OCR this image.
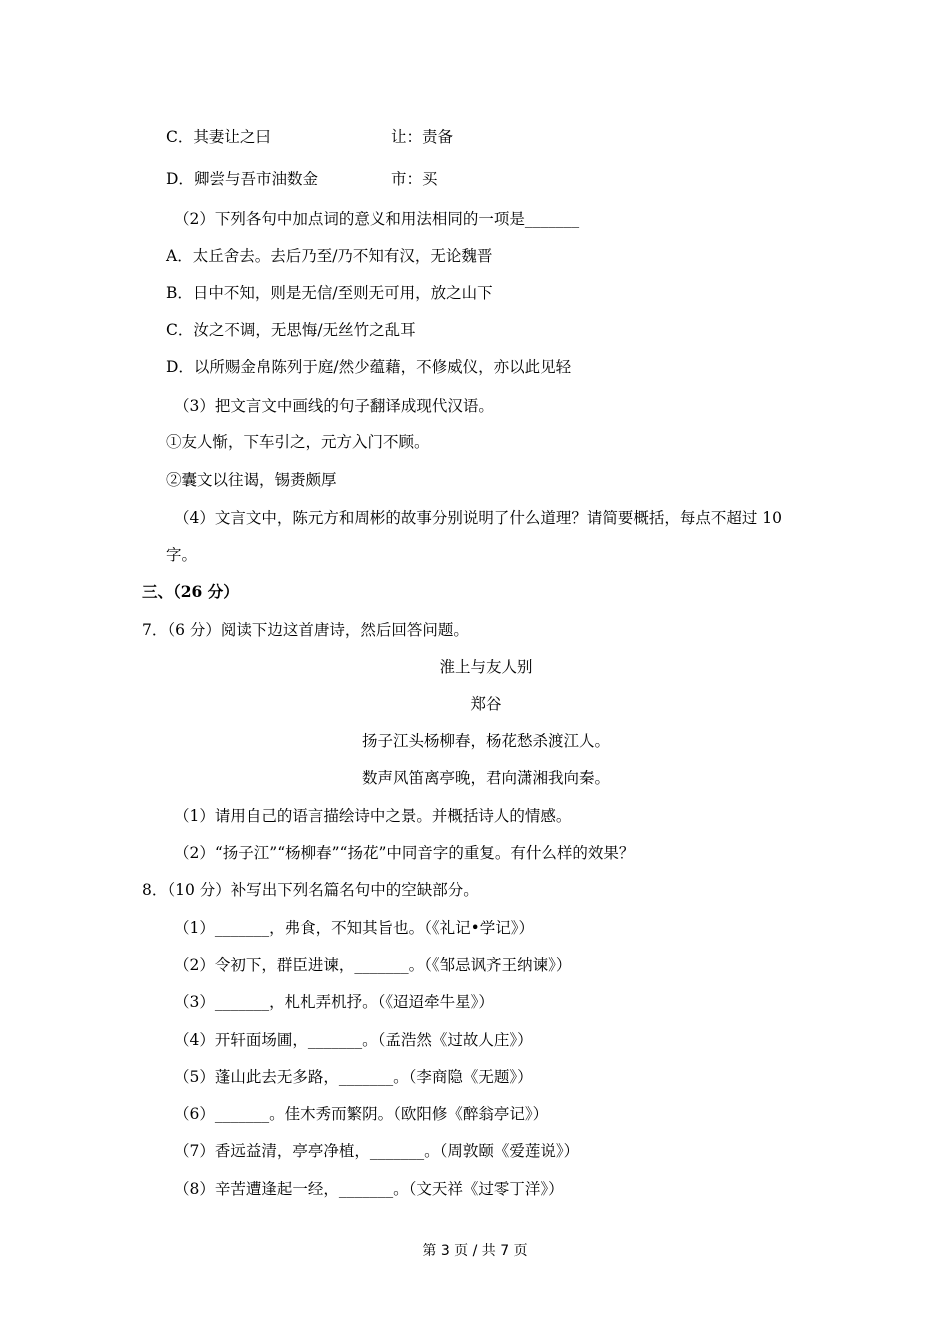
C．其妻让之曰	让：责备
D．卿尝与吾市油数金	市：买
（2）下列各句中加点词的意义和用法相同的一项是_______
A．太丘舍去。去后乃至/乃不知有汉，无论魏晋
B．日中不知，则是无信/至则无可用，放之山下
C．汝之不调，无思悔/无丝竹之乱耳
D．以所赐金帛陈列于庭/然少蕴藉，不修威仪，亦以此见轻
（3）把文言文中画线的句子翻译成现代汉语。
①友人惭，下车引之，元方入门不顾。
②囊文以往谒，锡赉颇厚
（4）文言文中，陈元方和周彬的故事分别说明了什么道理？请简要概括，每点不超过 10
字。
三、（26 分）
7．（6 分）阅读下边这首唐诗，然后回答问题。
淮上与友人别
郑谷
扬子江头杨柳春，杨花愁杀渡江人。
数声风笛离亭晚，君向潇湘我向秦。
（1）请用自己的语言描绘诗中之景。并概括诗人的情感。
（2）“扬子江”“杨柳春”“扬花”中同音字的重复。有什么样的效果？
8．（10 分）补写出下列名篇名句中的空缺部分。
（1）_______，弗食，不知其旨也。（《礼记•学记》）
（2）令初下，群臣进谏，_______。（《邹忌讽齐王纳谏》）
（3）_______，札札弄机抒。（《迢迢牵牛星》）
（4）开轩面场圃，_______。（孟浩然《过故人庄》）
（5）蓬山此去无多路，_______。（李商隐《无题》）
（6）_______。佳木秀而繁阴。（欧阳修《醉翁亭记》）
（7）香远益清，亭亭净植，_______。（周敦颐《爱莲说》）
（8）辛苦遭逢起一经，_______。（文天祥《过零丁洋》）
第 3 页 / 共 7 页
